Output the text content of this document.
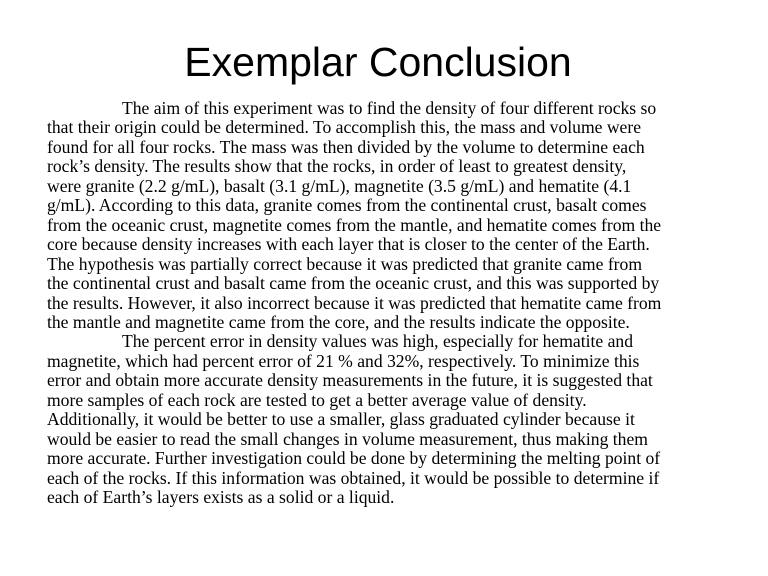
Exemplar Conclusion
The aim of this experiment was to find the density of four different rocks so
that their origin could be determined. To accomplish this, the mass and volume were
found for all four rocks. The mass was then divided by the volume to determine each
rock’s density. The results show that the rocks, in order of least to greatest density,
were granite (2.2 g/mL), basalt (3.1 g/mL), magnetite (3.5 g/mL) and hematite (4.1
g/mL). According to this data, granite comes from the continental crust, basalt comes
from the oceanic crust, magnetite comes from the mantle, and hematite comes from the
core because density increases with each layer that is closer to the center of the Earth.
The hypothesis was partially correct because it was predicted that granite came from
the continental crust and basalt came from the oceanic crust, and this was supported by
the results. However, it also incorrect because it was predicted that hematite came from
the mantle and magnetite came from the core, and the results indicate the opposite.
The percent error in density values was high, especially for hematite and
magnetite, which had percent error of 21 % and 32%, respectively. To minimize this
error and obtain more accurate density measurements in the future, it is suggested that
more samples of each rock are tested to get a better average value of density.
Additionally, it would be better to use a smaller, glass graduated cylinder because it
would be easier to read the small changes in volume measurement, thus making them
more accurate. Further investigation could be done by determining the melting point of
each of the rocks. If this information was obtained, it would be possible to determine if
each of Earth’s layers exists as a solid or a liquid.
